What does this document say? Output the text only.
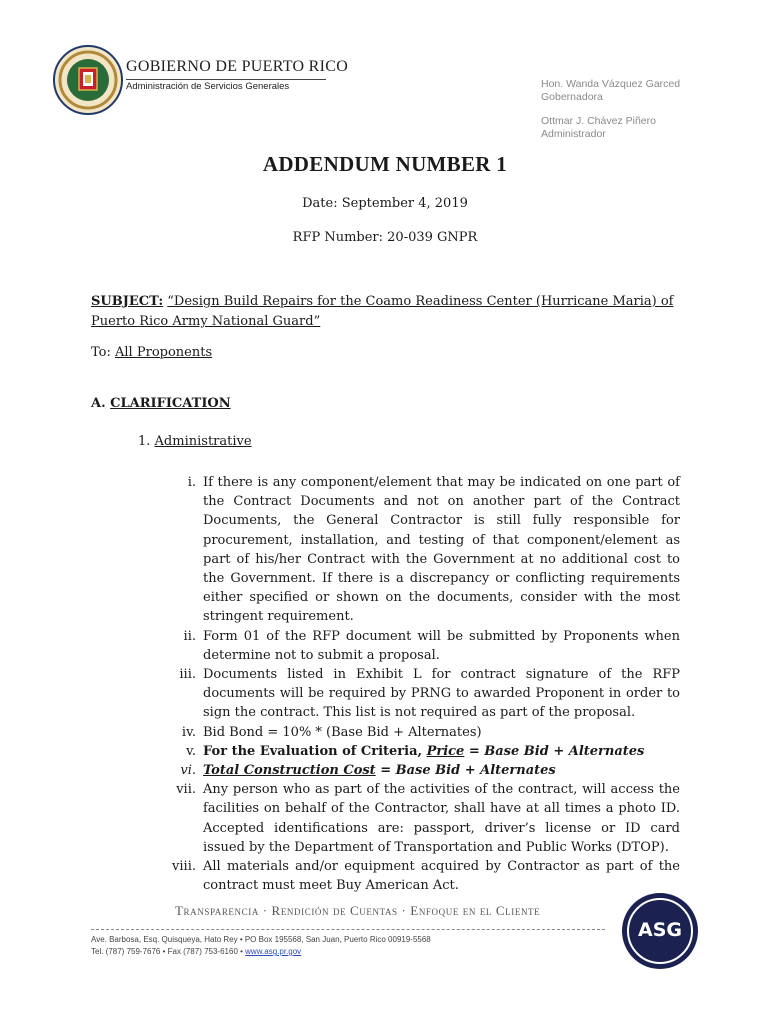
GOBIERNO DE PUERTO RICO
Administración de Servicios Generales	Hon. Wanda Vázquez Garced
Gobernadora
Ottmar J. Chávez Piñero
Administrador
ADDENDUM NUMBER 1
Date: September 4, 2019
RFP Number: 20-039 GNPR
SUBJECT: “Design Build Repairs for the Coamo Readiness Center (Hurricane Maria) of Puerto Rico Army National Guard”
To: All Proponents
A. CLARIFICATION
1. Administrative
i. If there is any component/element that may be indicated on one part of the Contract Documents and not on another part of the Contract Documents, the General Contractor is still fully responsible for procurement, installation, and testing of that component/element as part of his/her Contract with the Government at no additional cost to the Government. If there is a discrepancy or conflicting requirements either specified or shown on the documents, consider with the most stringent requirement.
ii. Form 01 of the RFP document will be submitted by Proponents when determine not to submit a proposal.
iii. Documents listed in Exhibit L for contract signature of the RFP documents will be required by PRNG to awarded Proponent in order to sign the contract. This list is not required as part of the proposal.
iv. Bid Bond = 10% * (Base Bid + Alternates)
v. For the Evaluation of Criteria, Price = Base Bid + Alternates
vi. Total Construction Cost = Base Bid + Alternates
vii. Any person who as part of the activities of the contract, will access the facilities on behalf of the Contractor, shall have at all times a photo ID. Accepted identifications are: passport, driver’s license or ID card issued by the Department of Transportation and Public Works (DTOP).
viii. All materials and/or equipment acquired by Contractor as part of the contract must meet Buy American Act.
Transparencia · Rendición de Cuentas · Enfoque en el Cliente
Ave. Barbosa, Esq. Quisqueya, Hato Rey • PO Box 195568, San Juan, Puerto Rico 00919-5568
Tel. (787) 759-7676 • Fax (787) 753-6160 • www.asg.pr.gov
ASG
